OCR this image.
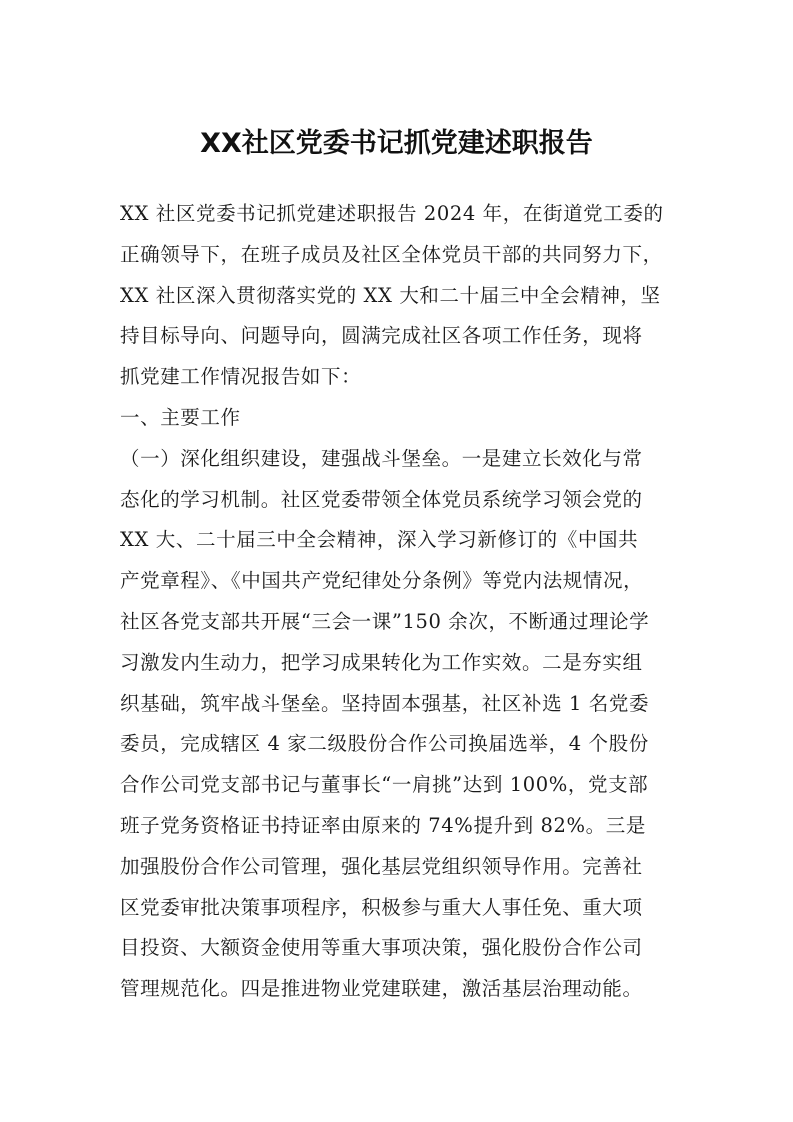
XX社区党委书记抓党建述职报告

XX 社区党委书记抓党建述职报告 2024 年，在街道党工委的

正确领导下，在班子成员及社区全体党员干部的共同努力下，

XX 社区深入贯彻落实党的 XX 大和二十届三中全会精神，坚

持目标导向、问题导向，圆满完成社区各项工作任务，现将

抓党建工作情况报告如下：

一、主要工作

（一）深化组织建设，建强战斗堡垒。一是建立长效化与常

态化的学习机制。社区党委带领全体党员系统学习领会党的

XX 大、二十届三中全会精神，深入学习新修订的《中国共

产党章程》、《中国共产党纪律处分条例》等党内法规情况，

社区各党支部共开展“三会一课”150 余次，不断通过理论学

习激发内生动力，把学习成果转化为工作实效。二是夯实组

织基础，筑牢战斗堡垒。坚持固本强基，社区补选 1 名党委

委员，完成辖区 4 家二级股份合作公司换届选举，4 个股份

合作公司党支部书记与董事长“一肩挑”达到 100%，党支部

班子党务资格证书持证率由原来的 74%提升到 82%。三是

加强股份合作公司管理，强化基层党组织领导作用。完善社

区党委审批决策事项程序，积极参与重大人事任免、重大项

目投资、大额资金使用等重大事项决策，强化股份合作公司

管理规范化。四是推进物业党建联建，激活基层治理动能。
